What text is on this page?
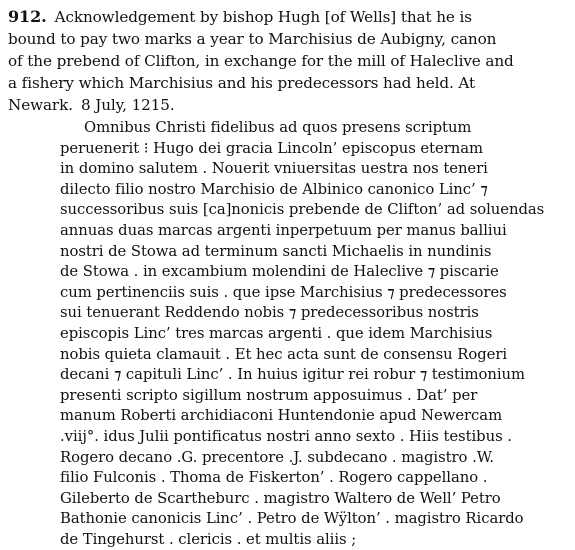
912. Acknowledgement by bishop Hugh [of Wells] that he is

bound to pay two marks a year to Marchisius de Aubigny, canon

of the prebend of Clifton, in exchange for the mill of Haleclive and

a fishery which Marchisius and his predecessors had held. At

Newark. 8 July, 1215.

Omnibus Christi fidelibus ad quos presens scriptum

peruenerit ⁝ Hugo dei gracia Lincoln’ episcopus eternam

in domino salutem . Nouerit vniuersitas uestra nos teneri

dilecto filio nostro Marchisio de Albinico canonico Linc’ ⁊

successoribus suis [ca]nonicis prebende de Clifton’ ad soluendas

annuas duas marcas argenti inperpetuum per manus balliui

nostri de Stowa ad terminum sancti Michaelis in nundinis

de Stowa . in excambium molendini de Haleclive ⁊ piscarie

cum pertinenciis suis . que ipse Marchisius ⁊ predecessores

sui tenuerant Reddendo nobis ⁊ predecessoribus nostris

episcopis Linc’ tres marcas argenti . que idem Marchisius

nobis quieta clamauit . Et hec acta sunt de consensu Rogeri

decani ⁊ capituli Linc’ . In huius igitur rei robur ⁊ testimonium

presenti scripto sigillum nostrum apposuimus . Dat’ per

manum Roberti archidiaconi Huntendonie apud Newercam

.viij°. idus Julii pontificatus nostri anno sexto . Hiis testibus .

Rogero decano .G. precentore .J. subdecano . magistro .W.

filio Fulconis . Thoma de Fiskerton’ . Rogero cappellano .

Gileberto de Scartheburc . magistro Waltero de Well’ Petro

Bathonie canonicis Linc’ . Petro de Wÿlton’ . magistro Ricardo

de Tingehurst . clericis . et multis aliis ;
